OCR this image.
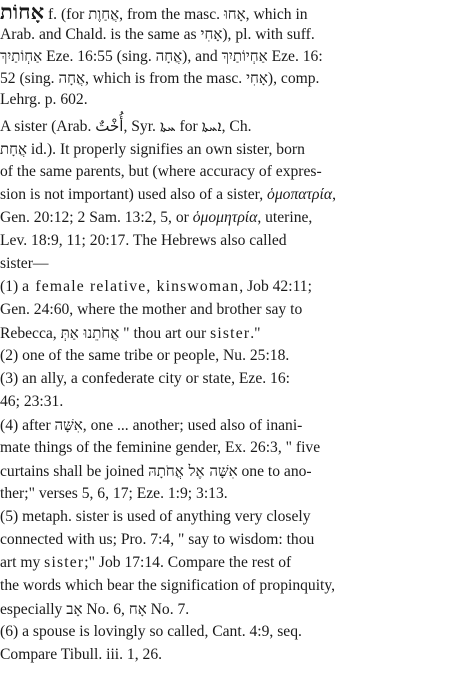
אָחוֹת f. (for אֲחַוֶת, from the masc. אָחוּ, which in
Arab. and Chald. is the same as אָחִי), pl. with suff.
אַחְוֹתַיִךְ Eze. 16:55 (sing. אֲחָה), and אַחְיוֹתַיִךְ Eze. 16:
52 (sing. אֲחָה, which is from the masc. אָחִי), comp.
Lehrg. p. 602.
A sister (Arab. أُخْتٌ, Syr. ܚܬܐ for ܐܚܬܐ, Ch.
אֲחָת id.). It properly signifies an own sister, born
of the same parents, but (where accuracy of expres-
sion is not important) used also of a sister, ὁμοπατρία,
Gen. 20:12; 2 Sam. 13:2, 5, or ὁμομητρία, uterine,
Lev. 18:9, 11; 20:17. The Hebrews also called
sister—
(1) a female relative, kinswoman, Job 42:11;
Gen. 24:60, where the mother and brother say to
Rebecca, אֲחֹתֵנוּ אַתְּ " thou art our sister."
(2) one of the same tribe or people, Nu. 25:18.
(3) an ally, a confederate city or state, Eze. 16:
46; 23:31.
(4) after אִשָּׁה, one ... another; used also of inani-
mate things of the feminine gender, Ex. 26:3, " five
curtains shall be joined אִשָּׁה אֶל אֲחֹתָהּ one to ano-
ther;" verses 5, 6, 17; Eze. 1:9; 3:13.
(5) metaph. sister is used of anything very closely
connected with us; Pro. 7:4, " say to wisdom: thou
art my sister;" Job 17:14. Compare the rest of
the words which bear the signification of propinquity,
especially אָב No. 6, אָח No. 7.
(6) a spouse is lovingly so called, Cant. 4:9, seq.
Compare Tibull. iii. 1, 26.
